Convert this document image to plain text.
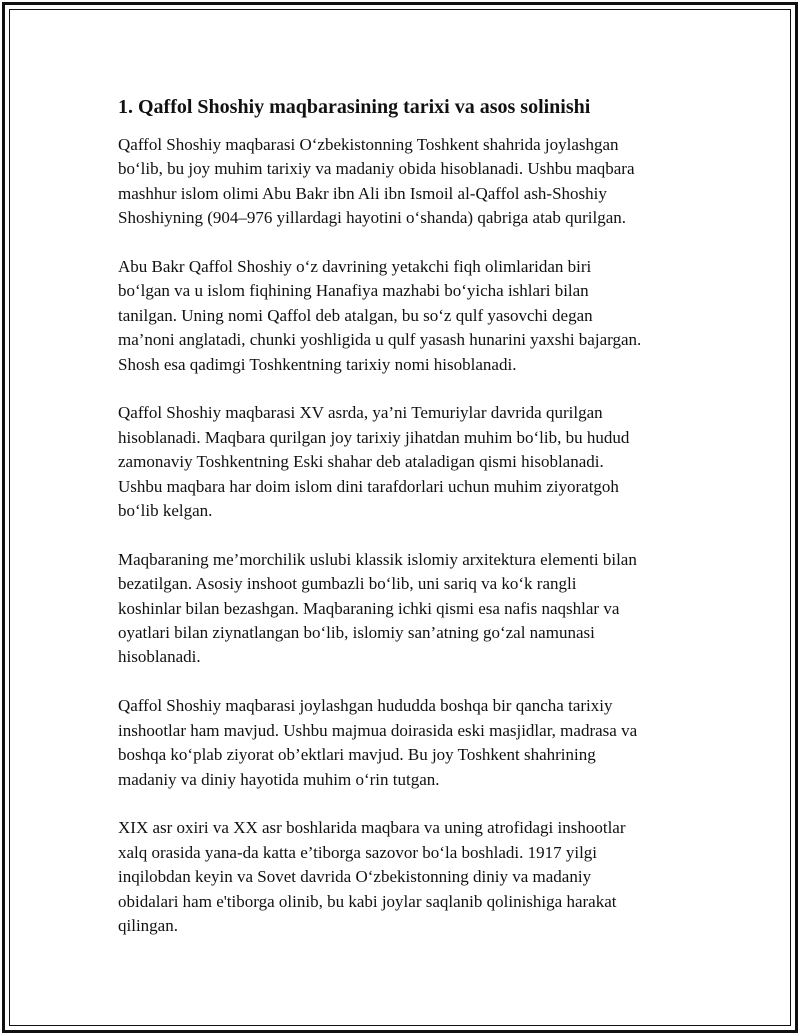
1. Qaffol Shoshiy maqbarasining tarixi va asos solinishi

Qaffol Shoshiy maqbarasi Oʻzbekistonning Toshkent shahrida joylashgan
boʻlib, bu joy muhim tarixiy va madaniy obida hisoblanadi. Ushbu maqbara
mashhur islom olimi Abu Bakr ibn Ali ibn Ismoil al-Qaffol ash-Shoshiy
Shoshiyning (904–976 yillardagi hayotini oʻshanda) qabriga atab qurilgan.

Abu Bakr Qaffol Shoshiy oʻz davrining yetakchi fiqh olimlaridan biri
boʻlgan va u islom fiqhining Hanafiya mazhabi boʻyicha ishlari bilan
tanilgan. Uning nomi Qaffol deb atalgan, bu soʻz qulf yasovchi degan
ma’noni anglatadi, chunki yoshligida u qulf yasash hunarini yaxshi bajargan.
Shosh esa qadimgi Toshkentning tarixiy nomi hisoblanadi.

Qaffol Shoshiy maqbarasi XV asrda, ya’ni Temuriylar davrida qurilgan
hisoblanadi. Maqbara qurilgan joy tarixiy jihatdan muhim boʻlib, bu hudud
zamonaviy Toshkentning Eski shahar deb ataladigan qismi hisoblanadi.
Ushbu maqbara har doim islom dini tarafdorlari uchun muhim ziyoratgoh
boʻlib kelgan.

Maqbaraning me’morchilik uslubi klassik islomiy arxitektura elementi bilan
bezatilgan. Asosiy inshoot gumbazli boʻlib, uni sariq va koʻk rangli
koshinlar bilan bezashgan. Maqbaraning ichki qismi esa nafis naqshlar va
oyatlari bilan ziynatlangan boʻlib, islomiy san’atning goʻzal namunasi
hisoblanadi.

Qaffol Shoshiy maqbarasi joylashgan hududda boshqa bir qancha tarixiy
inshootlar ham mavjud. Ushbu majmua doirasida eski masjidlar, madrasa va
boshqa koʻplab ziyorat ob’ektlari mavjud. Bu joy Toshkent shahrining
madaniy va diniy hayotida muhim oʻrin tutgan.

XIX asr oxiri va XX asr boshlarida maqbara va uning atrofidagi inshootlar
xalq orasida yana-da katta e’tiborga sazovor boʻla boshladi. 1917 yilgi
inqilobdan keyin va Sovet davrida Oʻzbekistonning diniy va madaniy
obidalari ham e'tiborga olinib, bu kabi joylar saqlanib qolinishiga harakat
qilingan.
